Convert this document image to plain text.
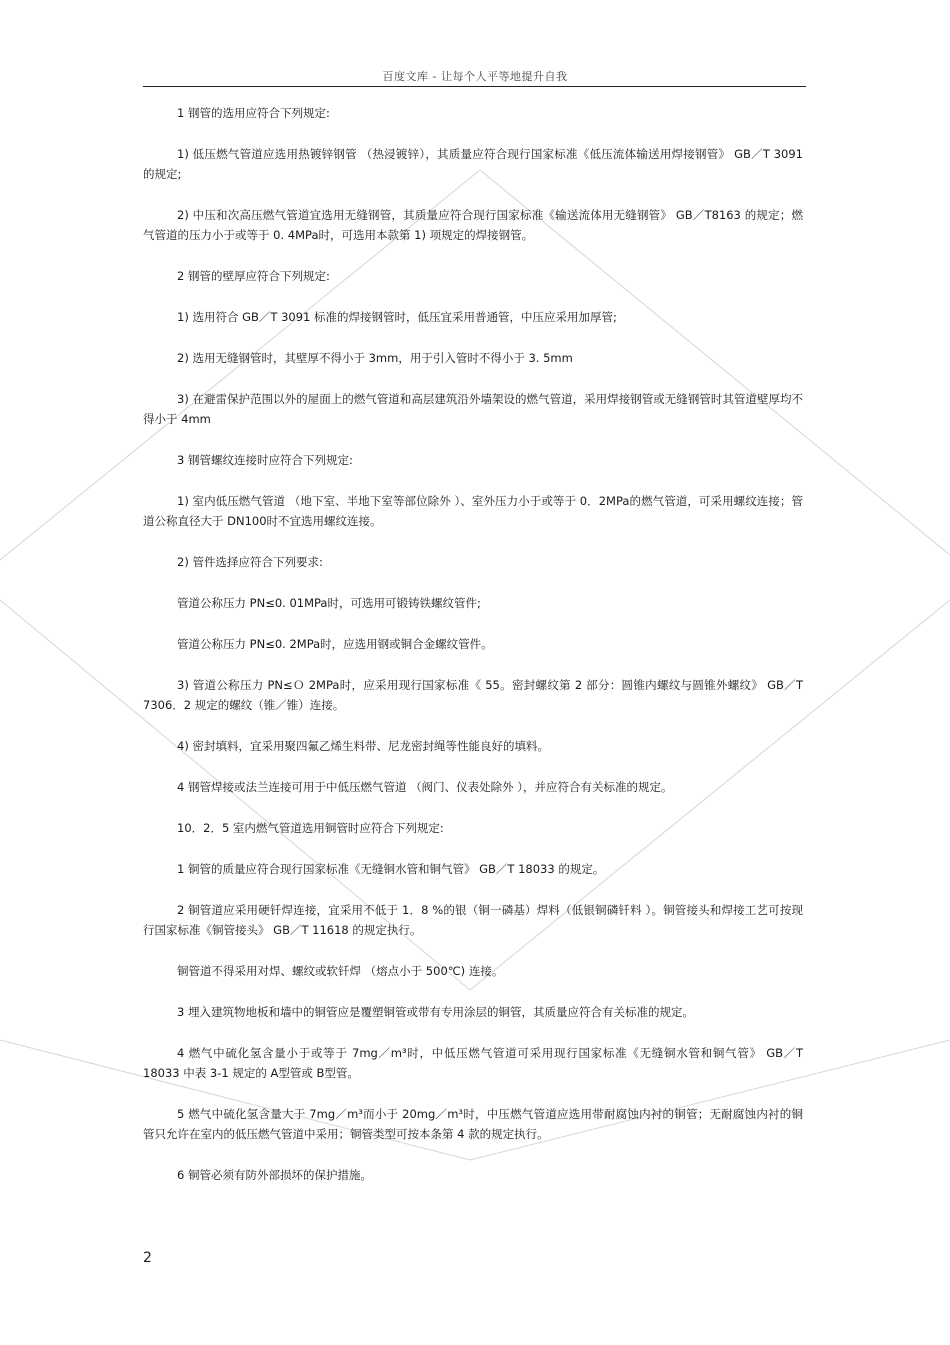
百度文库 - 让每个人平等地提升自我

1 钢管的选用应符合下列规定:

1) 低压燃气管道应选用热镀锌钢管 （热浸镀锌），其质量应符合现行国家标准《低压流体输送用焊接钢管》 GB／T 3091 的规定;

2) 中压和次高压燃气管道宜选用无缝钢管，其质量应符合现行国家标准《输送流体用无缝钢管》 GB／T8163 的规定；燃气管道的压力小于或等于 0. 4MPa时，可选用本款第 1) 项规定的焊接钢管。

2 钢管的壁厚应符合下列规定:

1) 选用符合 GB／T 3091 标准的焊接钢管时，低压宜采用普通管，中压应采用加厚管;

2) 选用无缝钢管时，其壁厚不得小于 3mm，用于引入管时不得小于 3. 5mm

3) 在避雷保护范围以外的屋面上的燃气管道和高层建筑沿外墙架设的燃气管道，采用焊接钢管或无缝钢管时其管道壁厚均不得小于 4mm

3 钢管螺纹连接时应符合下列规定:

1) 室内低压燃气管道 （地下室、半地下室等部位除外 ）、室外压力小于或等于 0．2MPa的燃气管道，可采用螺纹连接；管道公称直径大于 DN100时不宜选用螺纹连接。

2) 管件选择应符合下列要求:

管道公称压力 PN≤0. 01MPa时，可选用可锻铸铁螺纹管件;

管道公称压力 PN≤0. 2MPa时，应选用钢或铜合金螺纹管件。

3) 管道公称压力 PN≤Ｏ 2MPa时，应采用现行国家标准《 55。密封螺纹第 2 部分：圆锥内螺纹与圆锥外螺纹》 GB／T 7306．2 规定的螺纹（锥／锥）连接。

4) 密封填料，宜采用聚四氟乙烯生料带、尼龙密封绳等性能良好的填料。

4 钢管焊接或法兰连接可用于中低压燃气管道 （阀门、仪表处除外 ），并应符合有关标准的规定。

10．2．5 室内燃气管道选用铜管时应符合下列规定:

1 铜管的质量应符合现行国家标准《无缝铜水管和铜气管》 GB／T 18033 的规定。

2 铜管道应采用硬钎焊连接，宜采用不低于 1．8 %的银（铜一磷基）焊料（低银铜磷钎料 ）。铜管接头和焊接工艺可按现行国家标准《铜管接头》 GB／T 11618 的规定执行。

铜管道不得采用对焊、螺纹或软钎焊 （熔点小于 500℃) 连接。

3 埋入建筑物地板和墙中的铜管应是覆塑铜管或带有专用涂层的铜管，其质量应符合有关标准的规定。

4 燃气中硫化氢含量小于或等于 7mg／m³时，中低压燃气管道可采用现行国家标准《无缝铜水管和铜气管》 GB／T 18033 中表 3-1 规定的 A型管或 B型管。

5 燃气中硫化氢含量大于 7mg／m³而小于 20mg／m³时，中压燃气管道应选用带耐腐蚀内衬的铜管；无耐腐蚀内衬的铜管只允许在室内的低压燃气管道中采用；铜管类型可按本条第 4 款的规定执行。

6 铜管必须有防外部损坏的保护措施。

2
